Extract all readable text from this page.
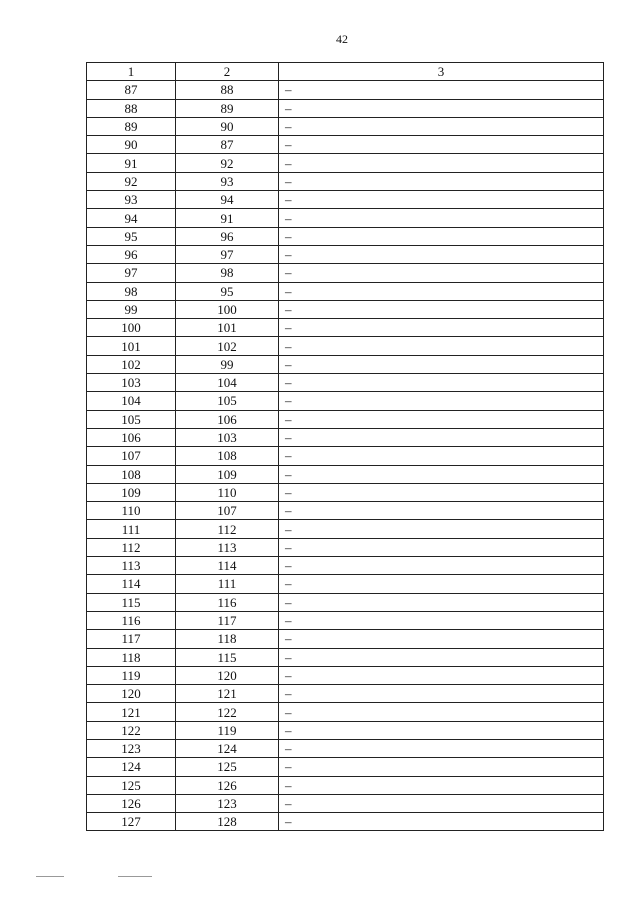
42
1	2	3
87	88	–
88	89	–
89	90	–
90	87	–
91	92	–
92	93	–
93	94	–
94	91	–
95	96	–
96	97	–
97	98	–
98	95	–
99	100	–
100	101	–
101	102	–
102	99	–
103	104	–
104	105	–
105	106	–
106	103	–
107	108	–
108	109	–
109	110	–
110	107	–
111	112	–
112	113	–
113	114	–
114	111	–
115	116	–
116	117	–
117	118	–
118	115	–
119	120	–
120	121	–
121	122	–
122	119	–
123	124	–
124	125	–
125	126	–
126	123	–
127	128	–
